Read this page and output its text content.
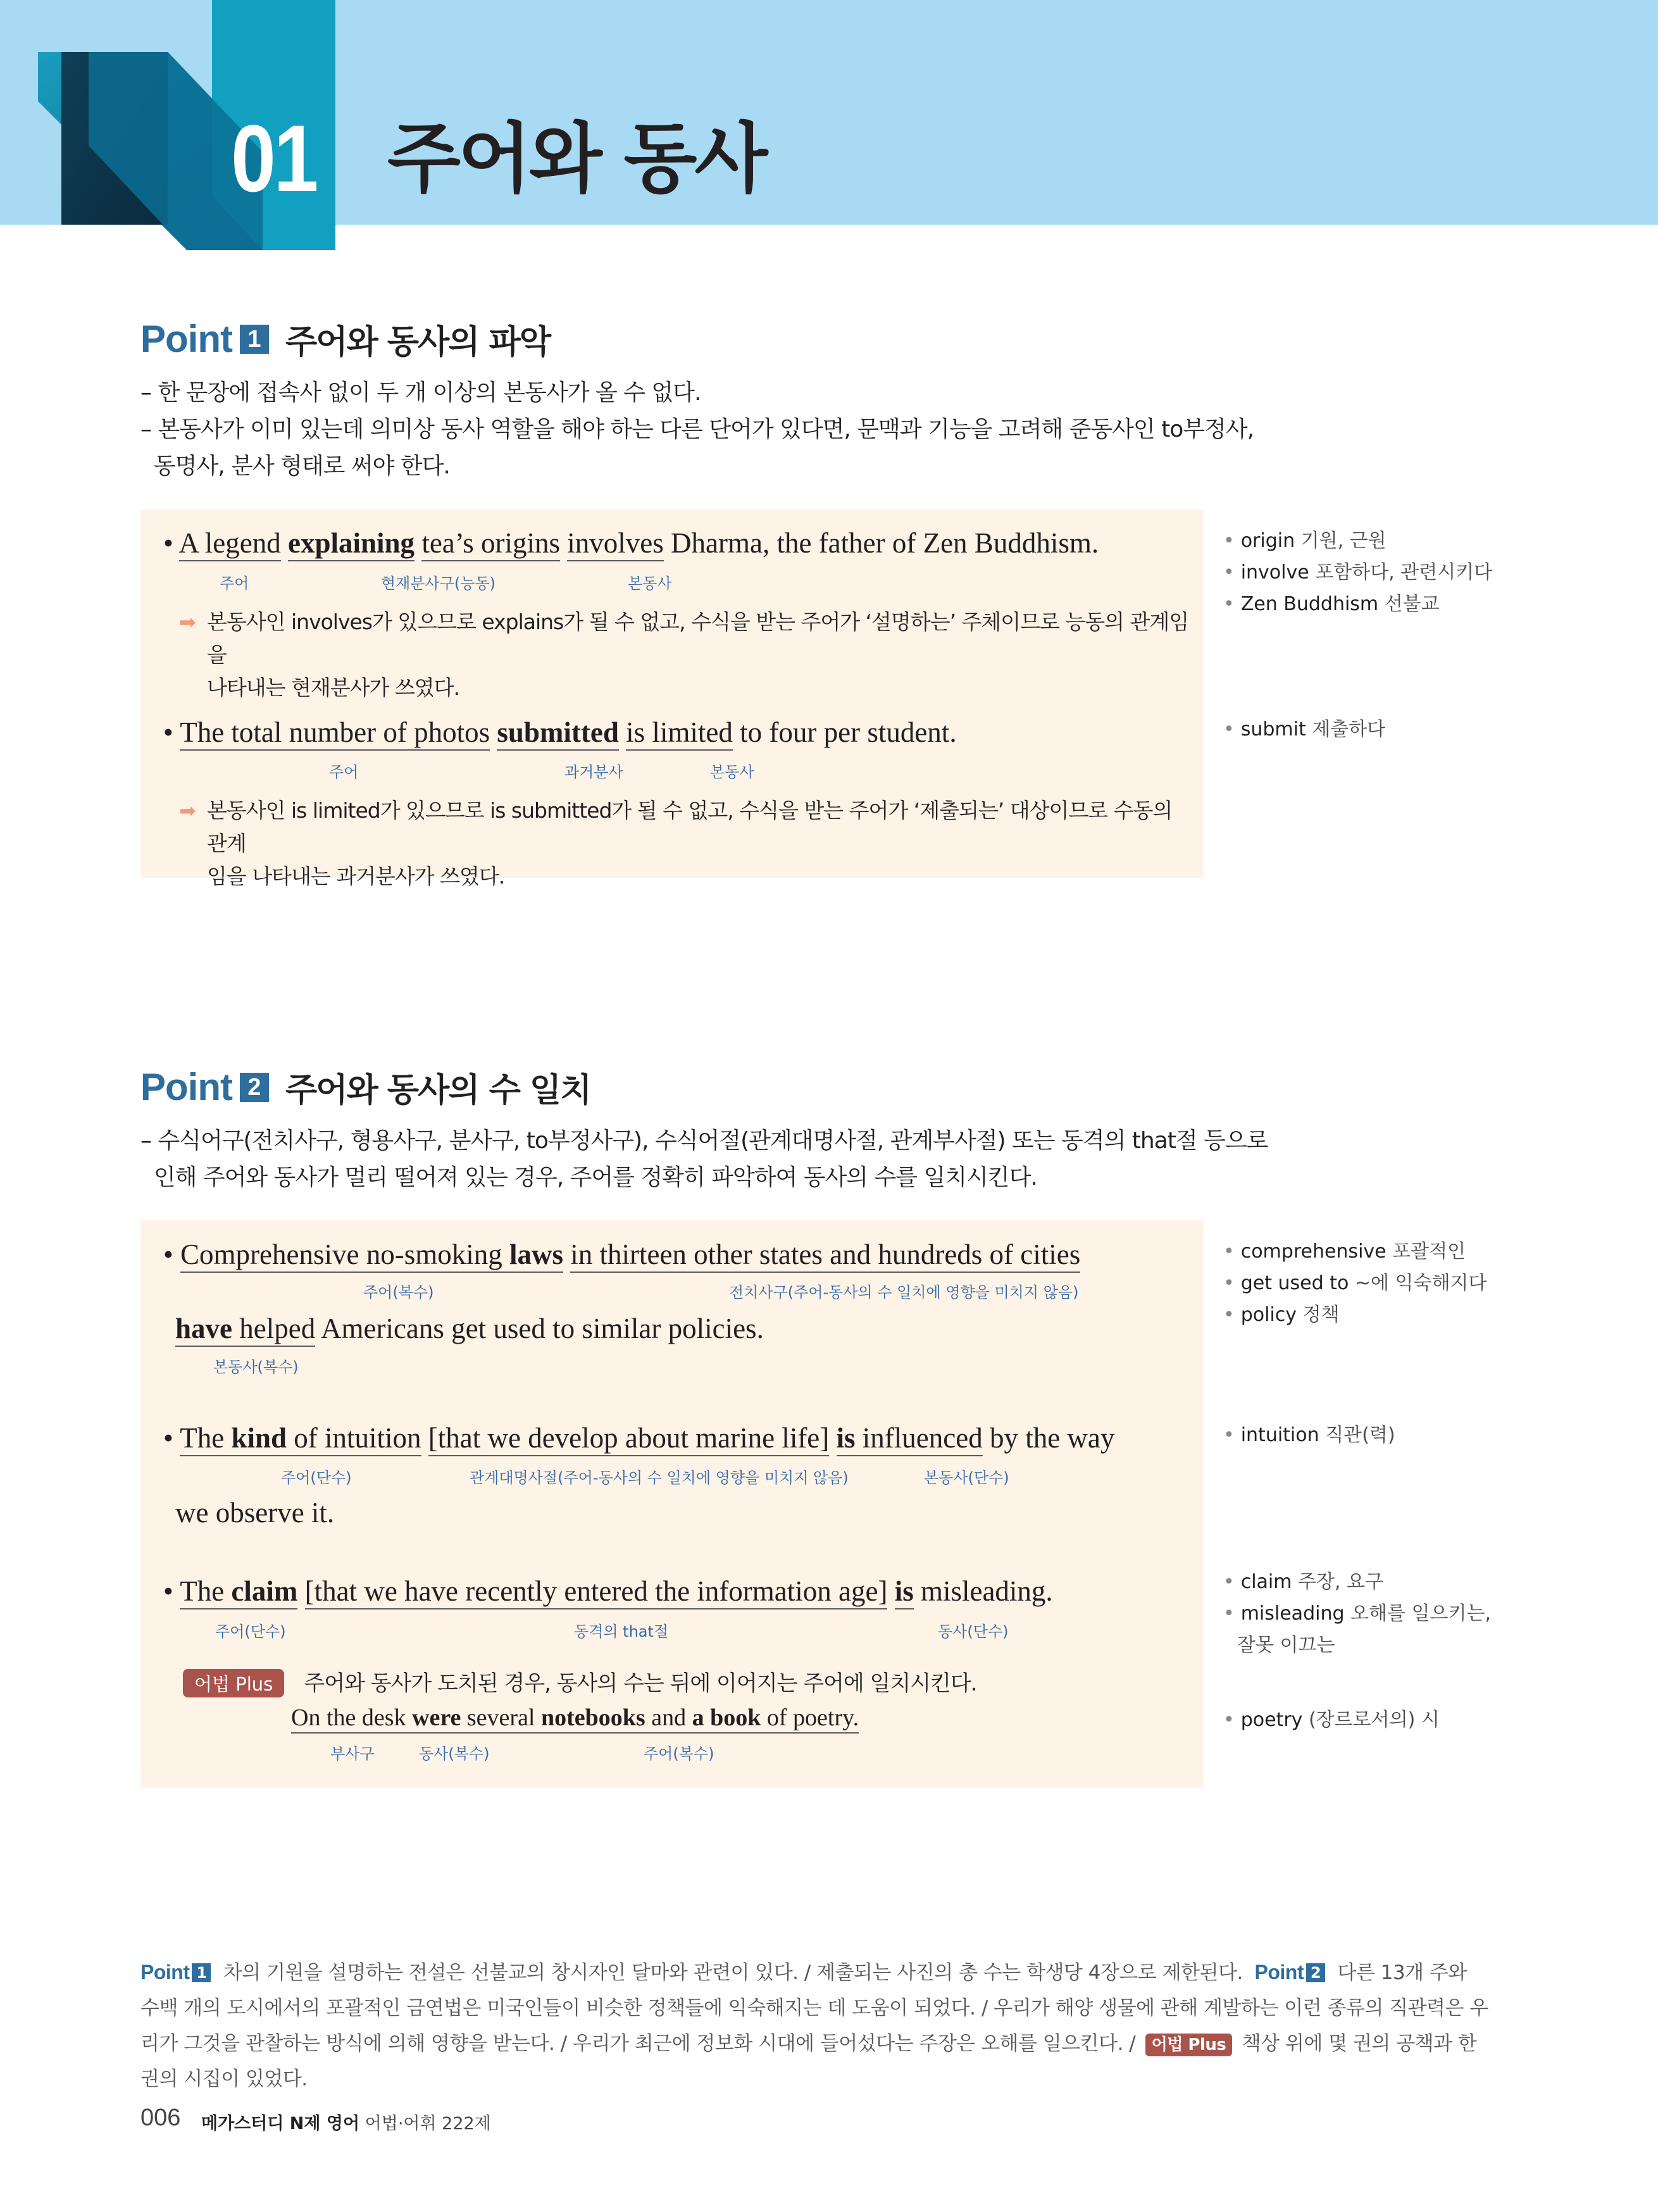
01 주어와 동사
Point 1 주어와 동사의 파악
– 한 문장에 접속사 없이 두 개 이상의 본동사가 올 수 없다.
– 본동사가 이미 있는데 의미상 동사 역할을 해야 하는 다른 단어가 있다면, 문맥과 기능을 고려해 준동사인 to부정사,
동명사, 분사 형태로 써야 한다.
• A legend explaining tea’s origins involves Dharma, the father of Zen Buddhism.
주어	현재분사구(능동)	본동사
➡ 본동사인 involves가 있으므로 explains가 될 수 없고, 수식을 받는 주어가 ‘설명하는’ 주체이므로 능동의 관계임을
나타내는 현재분사가 쓰였다.
• The total number of photos submitted is limited to four per student.
주어	과거분사	본동사
➡ 본동사인 is limited가 있으므로 is submitted가 될 수 없고, 수식을 받는 주어가 ‘제출되는’ 대상이므로 수동의 관계
임을 나타내는 과거분사가 쓰였다.
• origin 기원, 근원
• involve 포함하다, 관련시키다
• Zen Buddhism 선불교
• submit 제출하다
Point 2 주어와 동사의 수 일치
– 수식어구(전치사구, 형용사구, 분사구, to부정사구), 수식어절(관계대명사절, 관계부사절) 또는 동격의 that절 등으로
인해 주어와 동사가 멀리 떨어져 있는 경우, 주어를 정확히 파악하여 동사의 수를 일치시킨다.
• Comprehensive no-smoking laws in thirteen other states and hundreds of cities
주어(복수)	전치사구(주어-동사의 수 일치에 영향을 미치지 않음)
have helped Americans get used to similar policies.
본동사(복수)
• The kind of intuition [that we develop about marine life] is influenced by the way
주어(단수)	관계대명사절(주어-동사의 수 일치에 영향을 미치지 않음)	본동사(단수)
we observe it.
• The claim [that we have recently entered the information age] is misleading.
주어(단수)	동격의 that절	동사(단수)
어법 Plus 주어와 동사가 도치된 경우, 동사의 수는 뒤에 이어지는 주어에 일치시킨다.
On the desk were several notebooks and a book of poetry.
부사구	동사(복수)	주어(복수)
• comprehensive 포괄적인
• get used to ~에 익숙해지다
• policy 정책
• intuition 직관(력)
• claim 주장, 요구
• misleading 오해를 일으키는,
잘못 이끄는
• poetry (장르로서의) 시
Point 1 차의 기원을 설명하는 전설은 선불교의 창시자인 달마와 관련이 있다. / 제출되는 사진의 총 수는 학생당 4장으로 제한된다. Point 2 다른 13개 주와 수백 개의 도시에서의 포괄적인 금연법은 미국인들이 비슷한 정책들에 익숙해지는 데 도움이 되었다. / 우리가 해양 생물에 관해 계발하는 이런 종류의 직관력은 우리가 그것을 관찰하는 방식에 의해 영향을 받는다. / 우리가 최근에 정보화 시대에 들어섰다는 주장은 오해를 일으킨다. / 어법 Plus 책상 위에 몇 권의 공책과 한 권의 시집이 있었다.
006 메가스터디 N제 영어 어법·어휘 222제
